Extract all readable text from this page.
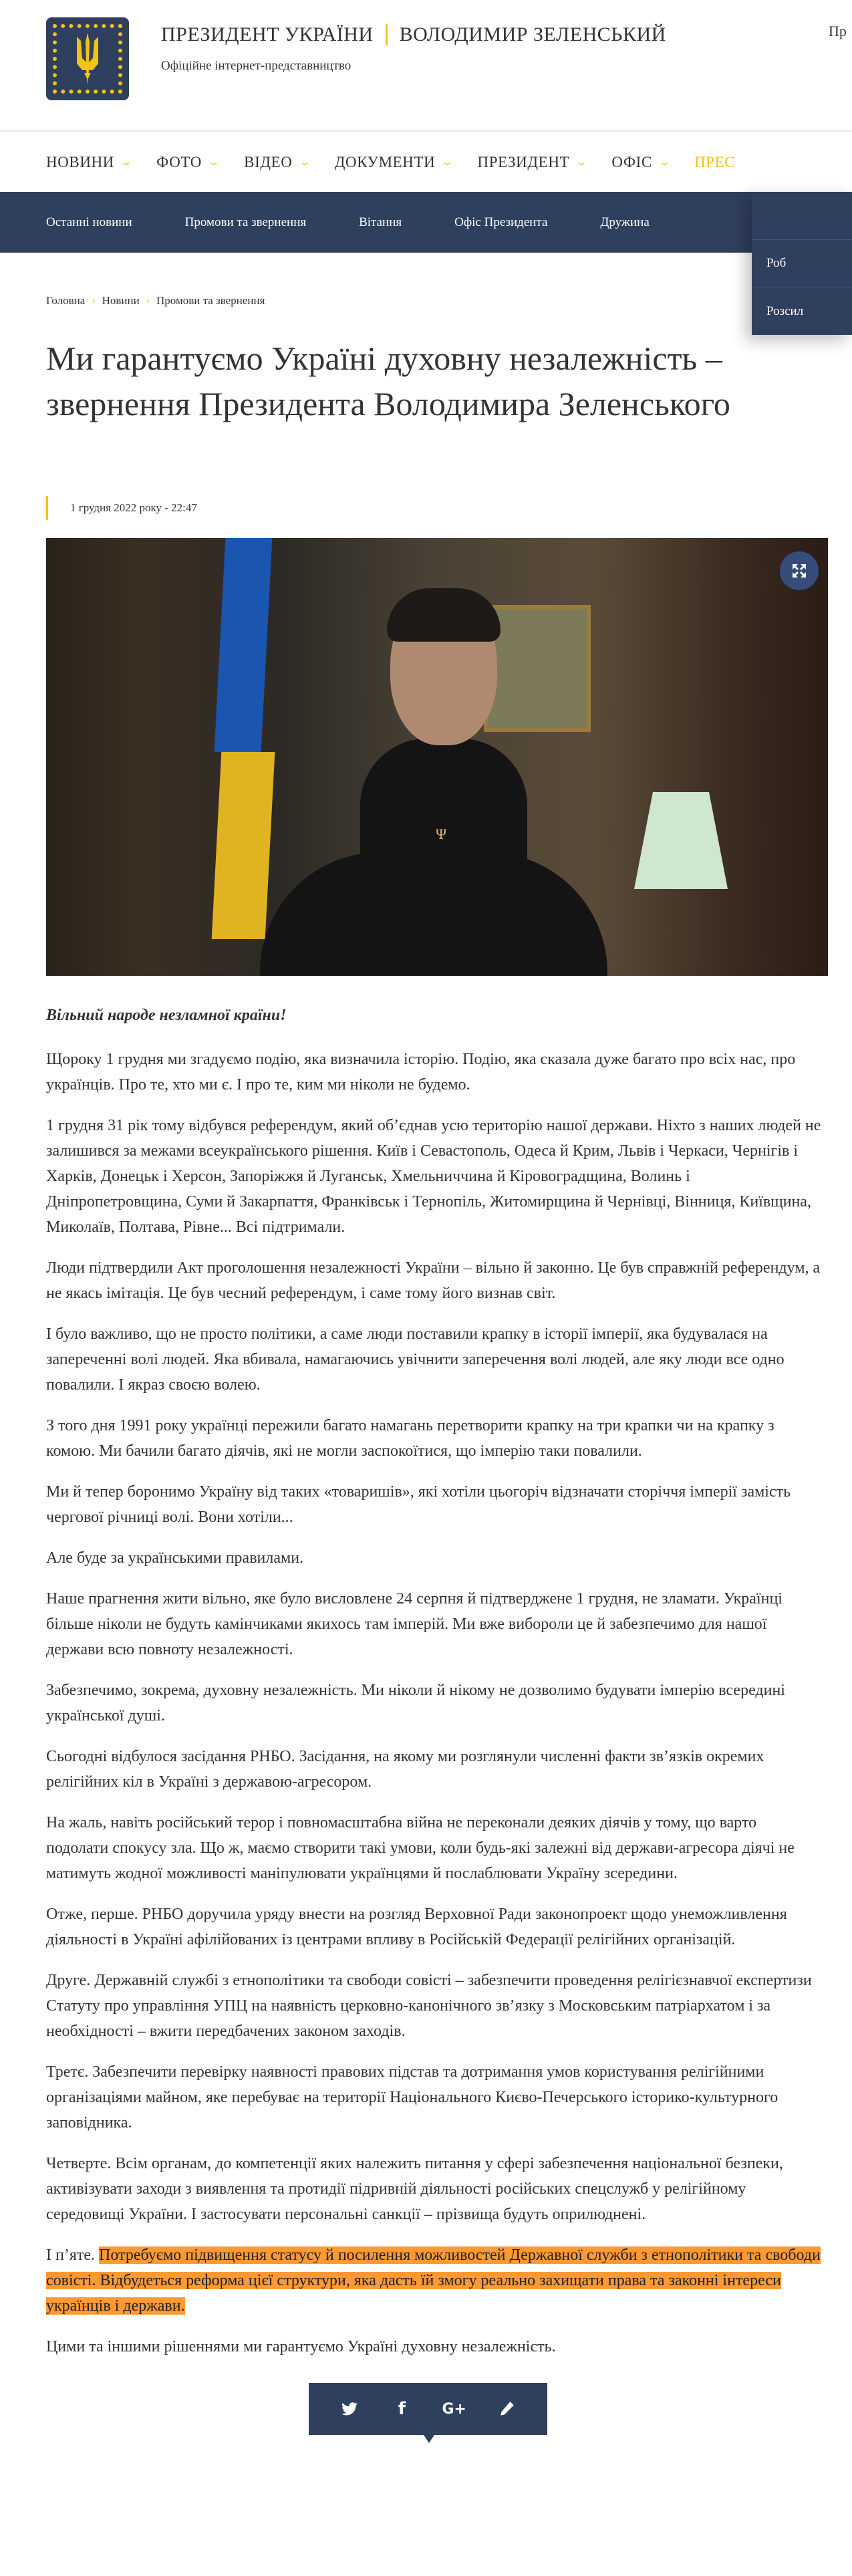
ПРЕЗИДЕНТ УКРАЇНИ ВОЛОДИМИР ЗЕЛЕНСЬКИЙ
Офіційне інтернет-представництво
Пр
НОВИНИ ⌄ ФОТО ⌄ ВІДЕО ⌄ ДОКУМЕНТИ ⌄ ПРЕЗИДЕНТ ⌄ ОФІС ⌄ ПРЕС
Останні новини	Промови та звернення	Вітання	Офіс Президента	Дружина
Роб
Розсил
Головна › Новини › Промови та звернення
Ми гарантуємо Україні духовну незалежність – звернення Президента Володимира Зеленського
1 грудня 2022 року - 22:47
Ψ

Вільний народе незламної країни!

Щороку 1 грудня ми згадуємо подію, яка визначила історію. Подію, яка сказала дуже багато про всіх нас, про українців. Про те, хто ми є. І про те, ким ми ніколи не будемо.

1 грудня 31 рік тому відбувся референдум, який об’єднав усю територію нашої держави. Ніхто з наших людей не залишився за межами всеукраїнського рішення. Київ і Севастополь, Одеса й Крим, Львів і Черкаси, Чернігів і Харків, Донецьк і Херсон, Запоріжжя й Луганськ, Хмельниччина й Кіровоградщина, Волинь і Дніпропетровщина, Суми й Закарпаття, Франківськ і Тернопіль, Житомирщина й Чернівці, Вінниця, Київщина, Миколаїв, Полтава, Рівне... Всі підтримали.

Люди підтвердили Акт проголошення незалежності України – вільно й законно. Це був справжній референдум, а не якась імітація. Це був чесний референдум, і саме тому його визнав світ.

І було важливо, що не просто політики, а саме люди поставили крапку в історії імперії, яка будувалася на запереченні волі людей. Яка вбивала, намагаючись увічнити заперечення волі людей, але яку люди все одно повалили. І якраз своєю волею.

З того дня 1991 року українці пережили багато намагань перетворити крапку на три крапки чи на крапку з комою. Ми бачили багато діячів, які не могли заспокоїтися, що імперію таки повалили.

Ми й тепер боронимо Україну від таких «товаришів», які хотіли цьогоріч відзначати сторіччя імперії замість чергової річниці волі. Вони хотіли...

Але буде за українськими правилами.

Наше прагнення жити вільно, яке було висловлене 24 серпня й підтверджене 1 грудня, не зламати. Українці більше ніколи не будуть камінчиками якихось там імперій. Ми вже вибороли це й забезпечимо для нашої держави всю повноту незалежності.

Забезпечимо, зокрема, духовну незалежність. Ми ніколи й нікому не дозволимо будувати імперію всередині української душі.

Сьогодні відбулося засідання РНБО. Засідання, на якому ми розглянули численні факти зв’язків окремих релігійних кіл в Україні з державою-агресором.

На жаль, навіть російський терор і повномасштабна війна не переконали деяких діячів у тому, що варто подолати спокусу зла. Що ж, маємо створити такі умови, коли будь-які залежні від держави-агресора діячі не матимуть жодної можливості маніпулювати українцями й послаблювати Україну зсередини.

Отже, перше. РНБО доручила уряду внести на розгляд Верховної Ради законопроект щодо унеможливлення діяльності в Україні афілійованих із центрами впливу в Російській Федерації релігійних організацій.

Друге. Державній службі з етнополітики та свободи совісті – забезпечити проведення релігієзнавчої експертизи Статуту про управління УПЦ на наявність церковно-канонічного зв’язку з Московським патріархатом і за необхідності – вжити передбачених законом заходів.

Третє. Забезпечити перевірку наявності правових підстав та дотримання умов користування релігійними організаціями майном, яке перебуває на території Національного Києво-Печерського історико-культурного заповідника.

Четверте. Всім органам, до компетенції яких належить питання у сфері забезпечення національної безпеки, активізувати заходи з виявлення та протидії підривній діяльності російських спецслужб у релігійному середовищі України. І застосувати персональні санкції – прізвища будуть оприлюднені.

І п’яте. Потребуємо підвищення статусу й посилення можливостей Державної служби з етнополітики та свободи совісті. Відбудеться реформа цієї структури, яка дасть їй змогу реально захищати права та законні інтереси українців і держави.

Цими та іншими рішеннями ми гарантуємо Україні духовну незалежність.

f G+
